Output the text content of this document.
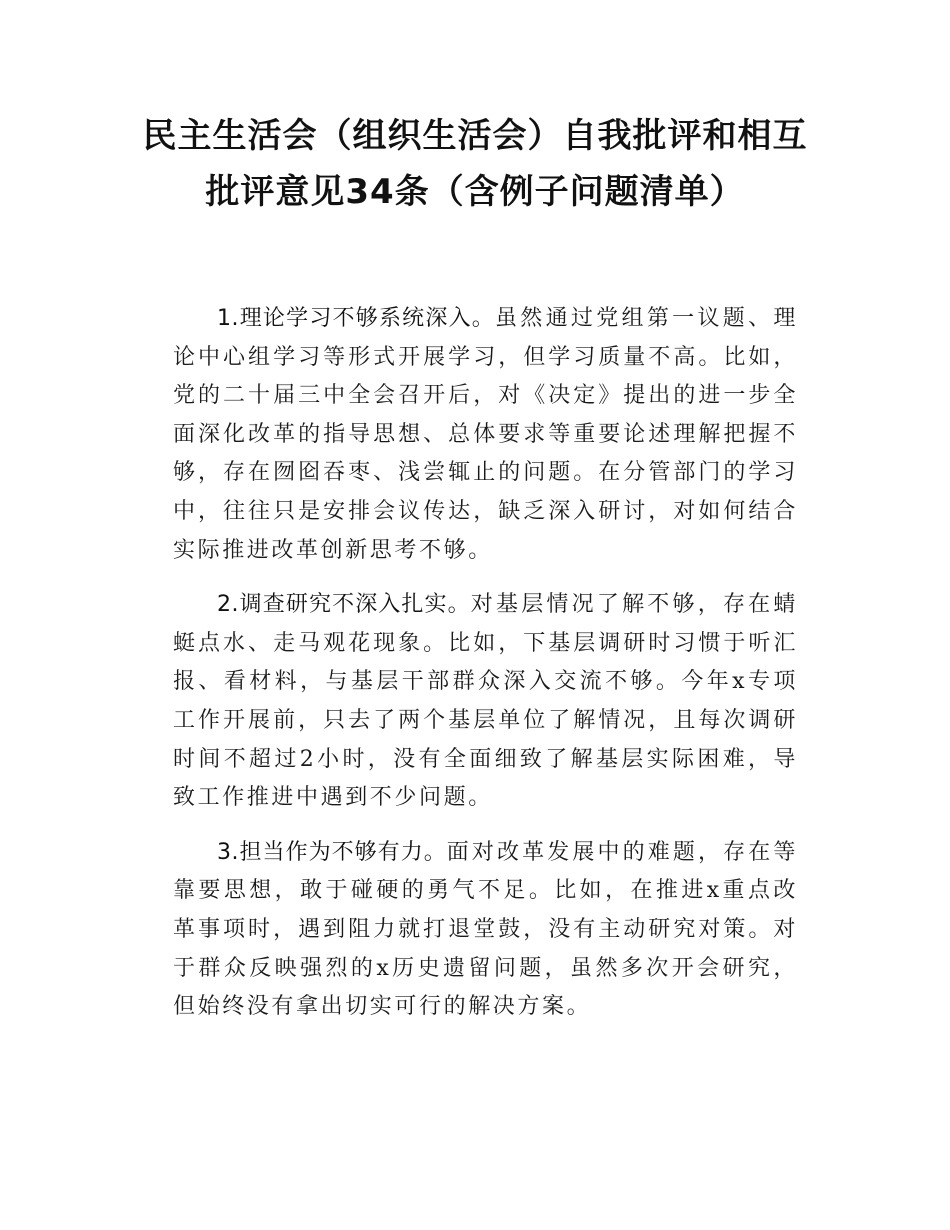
民主生活会（组织生活会）自我批评和相互
批评意见34条（含例子问题清单）

1.理论学习不够系统深入。虽然通过党组第一议题、理论中心组学习等形式开展学习，但学习质量不高。比如，党的二十届三中全会召开后，对《决定》提出的进一步全面深化改革的指导思想、总体要求等重要论述理解把握不够，存在囫囵吞枣、浅尝辄止的问题。在分管部门的学习中，往往只是安排会议传达，缺乏深入研讨，对如何结合实际推进改革创新思考不够。

2.调查研究不深入扎实。对基层情况了解不够，存在蜻蜓点水、走马观花现象。比如，下基层调研时习惯于听汇报、看材料，与基层干部群众深入交流不够。今年x专项工作开展前，只去了两个基层单位了解情况，且每次调研时间不超过2小时，没有全面细致了解基层实际困难，导致工作推进中遇到不少问题。

3.担当作为不够有力。面对改革发展中的难题，存在等靠要思想，敢于碰硬的勇气不足。比如，在推进x重点改革事项时，遇到阻力就打退堂鼓，没有主动研究对策。对于群众反映强烈的x历史遗留问题，虽然多次开会研究，但始终没有拿出切实可行的解决方案。
